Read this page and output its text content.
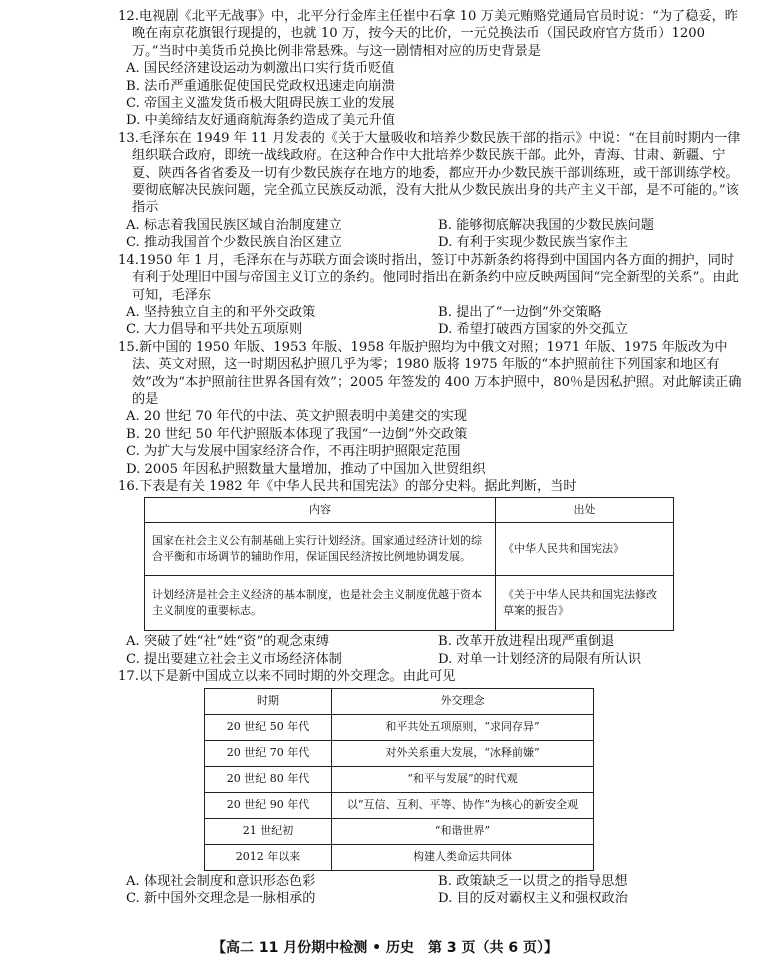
12.电视剧《北平无战事》中，北平分行金库主任崔中石拿 10 万美元贿赂党通局官员时说：“为了稳妥，昨晚在南京花旗银行现提的，也就 10 万，按今天的比价，一元兑换法币（国民政府官方货币）1200 万。”当时中美货币兑换比例非常悬殊。与这一剧情相对应的历史背景是

A. 国民经济建设运动为刺激出口实行货币贬值

B. 法币严重通胀促使国民党政权迅速走向崩溃

C. 帝国主义滥发货币极大阻碍民族工业的发展

D. 中美缔结友好通商航海条约造成了美元升值

13.毛泽东在 1949 年 11 月发表的《关于大量吸收和培养少数民族干部的指示》中说：“在目前时期内一律组织联合政府，即统一战线政府。在这种合作中大批培养少数民族干部。此外，青海、甘肃、新疆、宁夏、陕西各省省委及一切有少数民族存在地方的地委，都应开办少数民族干部训练班，或干部训练学校。要彻底解决民族问题，完全孤立民族反动派，没有大批从少数民族出身的共产主义干部，是不可能的。”该指示

A. 标志着我国民族区域自治制度建立	B. 能够彻底解决我国的少数民族问题
C. 推动我国首个少数民族自治区建立	D. 有利于实现少数民族当家作主

14.1950 年 1 月，毛泽东在与苏联方面会谈时指出，签订中苏新条约将得到中国国内各方面的拥护，同时有利于处理旧中国与帝国主义订立的条约。他同时指出在新条约中应反映两国间“完全新型的关系”。由此可知，毛泽东

A. 坚持独立自主的和平外交政策	B. 提出了“一边倒”外交策略
C. 大力倡导和平共处五项原则	D. 希望打破西方国家的外交孤立

15.新中国的 1950 年版、1953 年版、1958 年版护照均为中俄文对照；1971 年版、1975 年版改为中法、英文对照，这一时期因私护照几乎为零；1980 版将 1975 年版的“本护照前往下列国家和地区有效”改为“本护照前往世界各国有效”；2005 年签发的 400 万本护照中，80％是因私护照。对此解读正确的是

A. 20 世纪 70 年代的中法、英文护照表明中美建交的实现

B. 20 世纪 50 年代护照版本体现了我国“一边倒”外交政策

C. 为扩大与发展中国家经济合作，不再注明护照限定范围

D. 2005 年因私护照数量大量增加，推动了中国加入世贸组织

16.下表是有关 1982 年《中华人民共和国宪法》的部分史料。据此判断，当时

内容	出处
国家在社会主义公有制基础上实行计划经济。国家通过经济计划的综合平衡和市场调节的辅助作用，保证国民经济按比例地协调发展。	《中华人民共和国宪法》
计划经济是社会主义经济的基本制度，也是社会主义制度优越于资本主义制度的重要标志。	《关于中华人民共和国宪法修改草案的报告》
A. 突破了姓“社”姓“资”的观念束缚	B. 改革开放进程出现严重倒退
C. 提出要建立社会主义市场经济体制	D. 对单一计划经济的局限有所认识

17.以下是新中国成立以来不同时期的外交理念。由此可见

时期	外交理念
20 世纪 50 年代	和平共处五项原则，“求同存异”
20 世纪 70 年代	对外关系重大发展，“冰释前嫌”
20 世纪 80 年代	“和平与发展”的时代观
20 世纪 90 年代	以“互信、互利、平等、协作”为核心的新安全观
21 世纪初	“和谐世界”
2012 年以来	构建人类命运共同体
A. 体现社会制度和意识形态色彩	B. 政策缺乏一以贯之的指导思想
C. 新中国外交理念是一脉相承的	D. 目的反对霸权主义和强权政治
【高二 11 月份期中检测 • 历史　第 3 页（共 6 页）】
